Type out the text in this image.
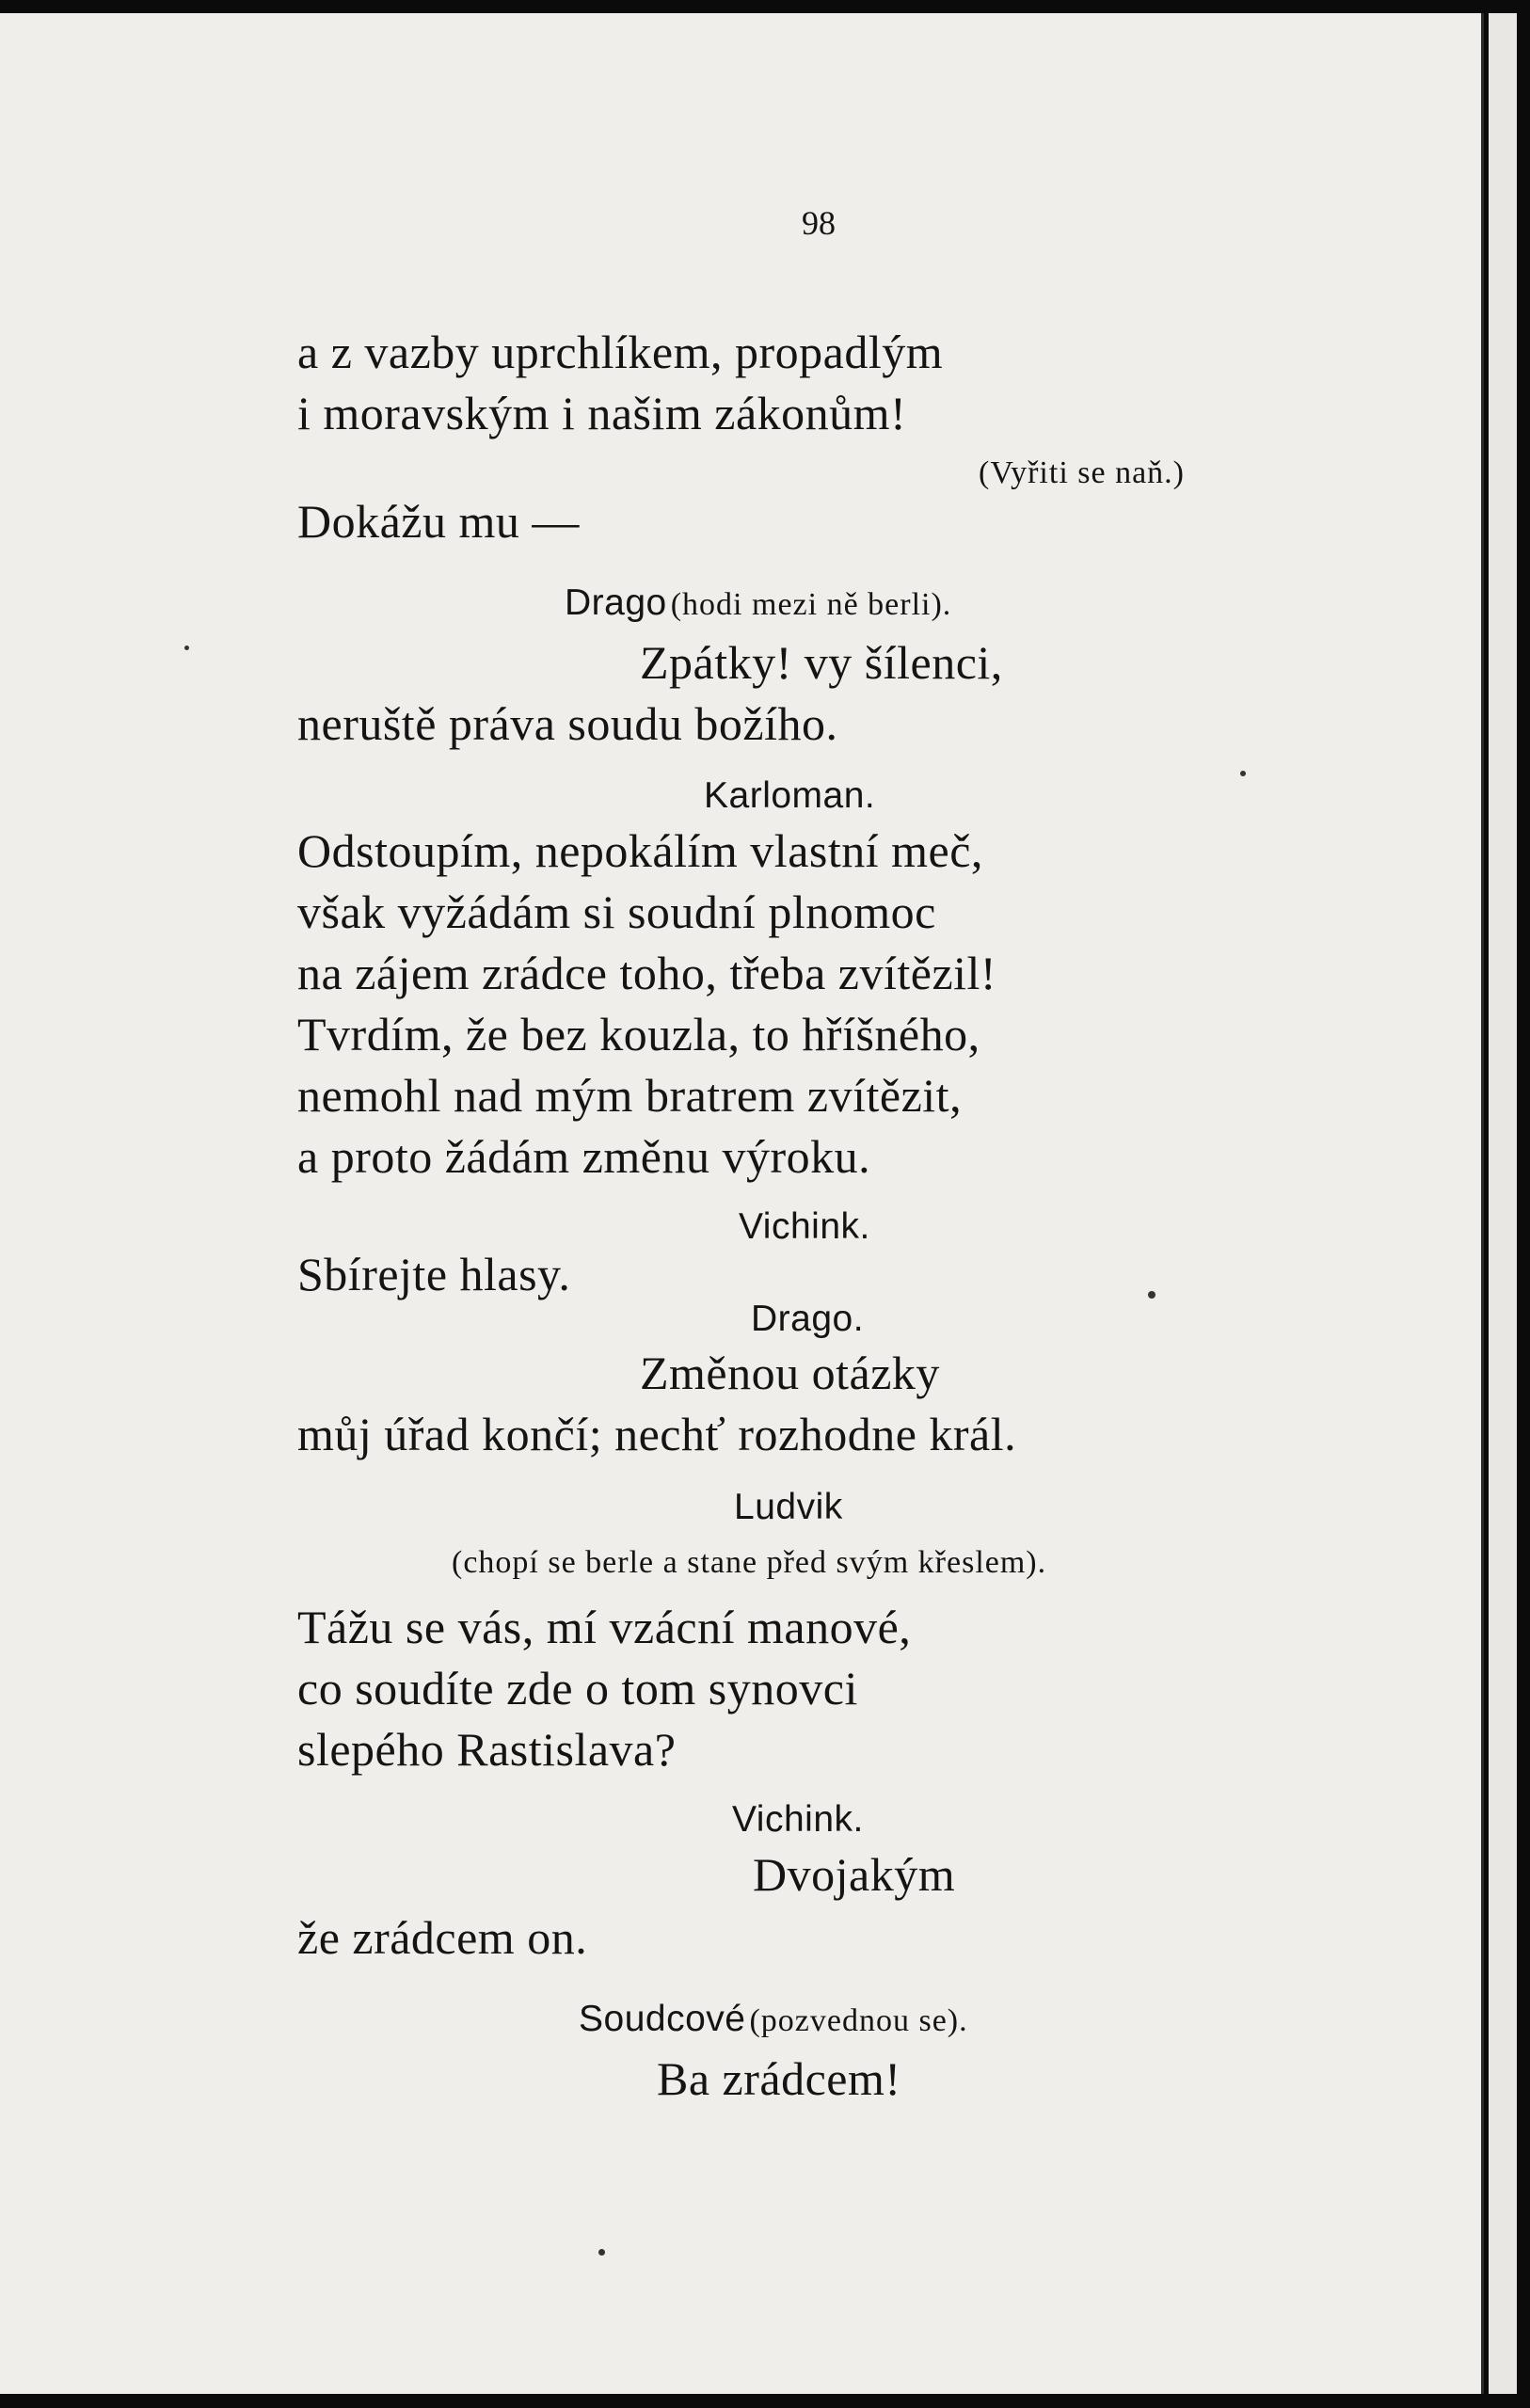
98
a z vazby uprchlíkem, propadlým
i moravským i našim zákonům!
(Vyřiti se naň.)
Dokážu mu —
Drago (hodi mezi ně berli).
Zpátky! vy šílenci,
neruště práva soudu božího.
Karloman.
Odstoupím, nepokálím vlastní meč,
však vyžádám si soudní plnomoc
na zájem zrádce toho, třeba zvítězil!
Tvrdím, že bez kouzla, to hříšného,
nemohl nad mým bratrem zvítězit,
a proto žádám změnu výroku.
Vichink.
Sbírejte hlasy.
Drago.
Změnou otázky
můj úřad končí; nechť rozhodne král.
Ludvik
(chopí se berle a stane před svým křeslem).
Tážu se vás, mí vzácní manové,
co soudíte zde o tom synovci
slepého Rastislava?
Vichink.
Dvojakým
že zrádcem on.
Soudcové (pozvednou se).
Ba zrádcem!
